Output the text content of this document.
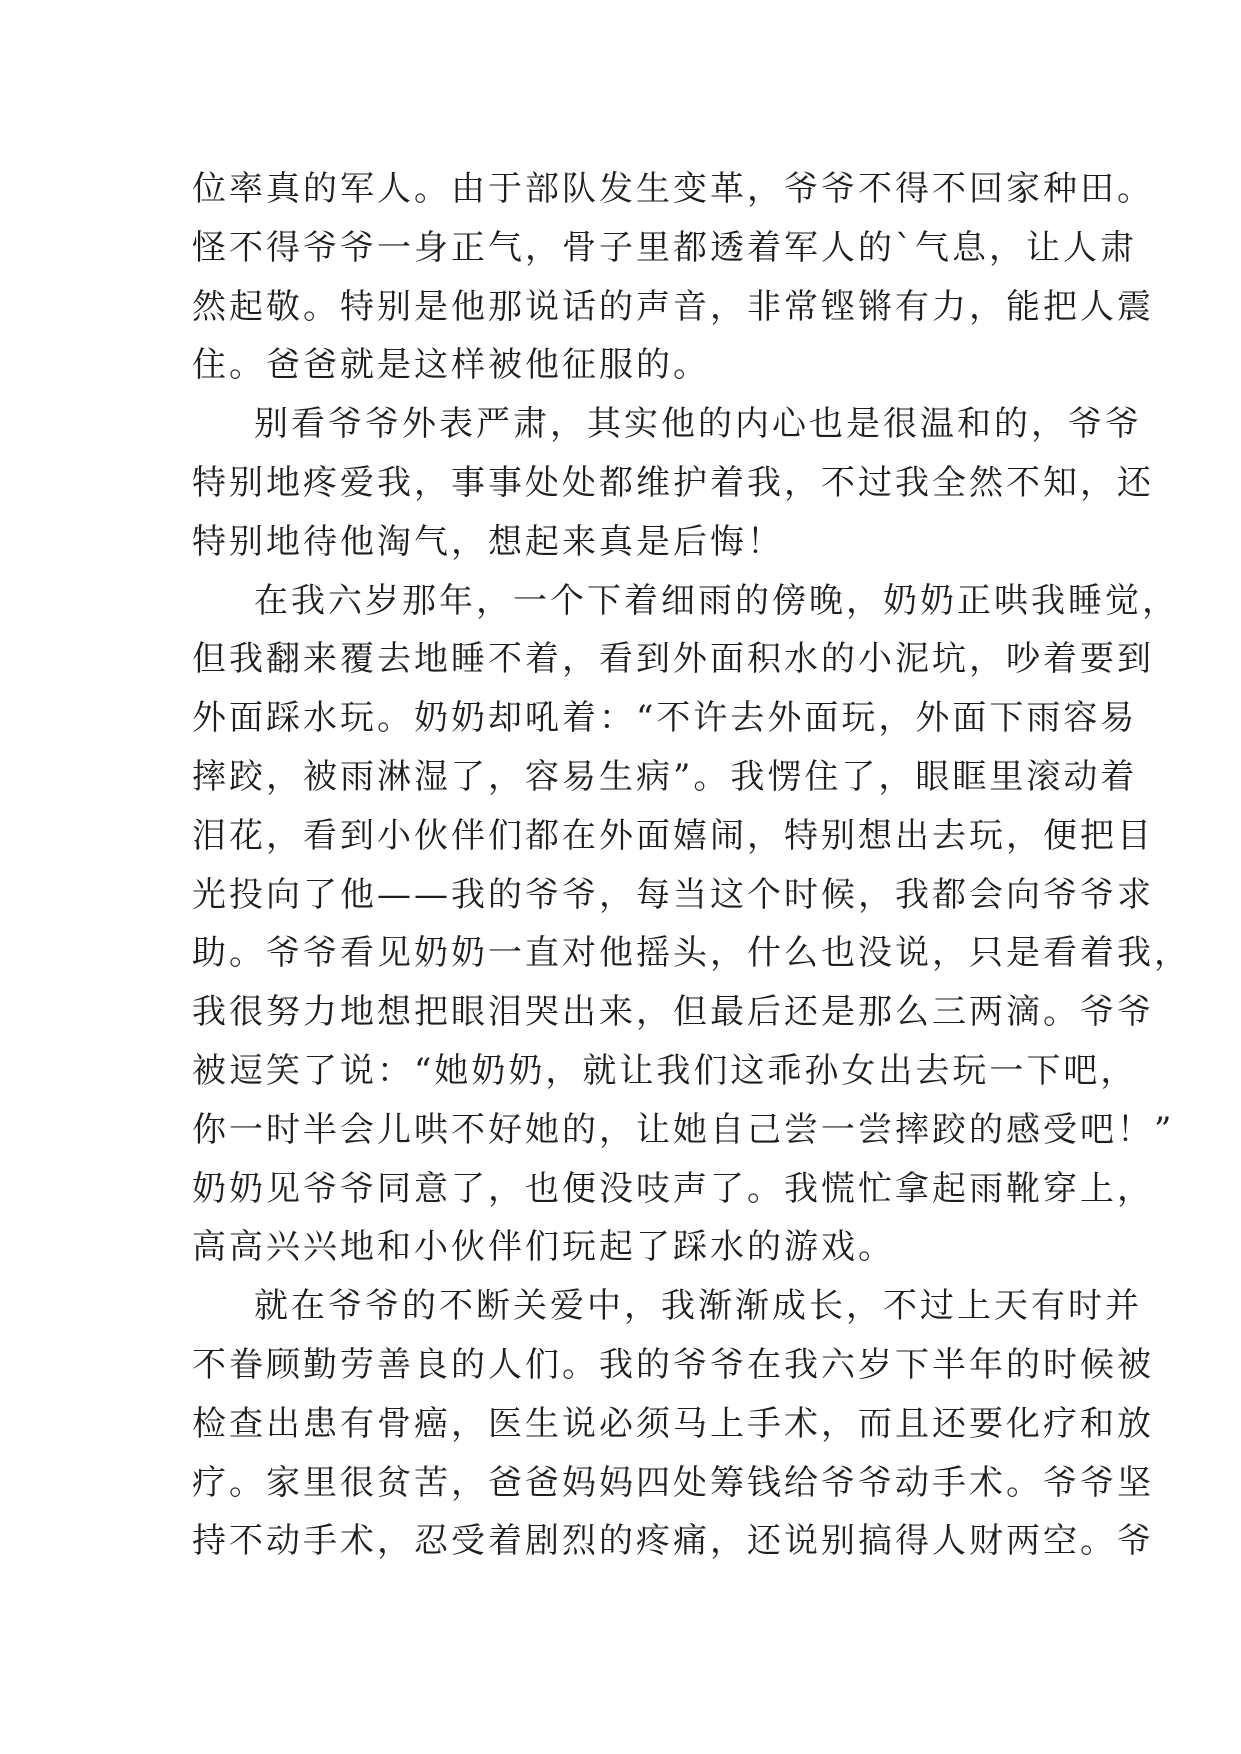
位率真的军人。由于部队发生变革，爷爷不得不回家种田。
怪不得爷爷一身正气，骨子里都透着军人的`气息，让人肃
然起敬。特别是他那说话的声音，非常铿锵有力，能把人震
住。爸爸就是这样被他征服的。
别看爷爷外表严肃，其实他的内心也是很温和的，爷爷
特别地疼爱我，事事处处都维护着我，不过我全然不知，还
特别地待他淘气，想起来真是后悔！
在我六岁那年，一个下着细雨的傍晚，奶奶正哄我睡觉，
但我翻来覆去地睡不着，看到外面积水的小泥坑，吵着要到
外面踩水玩。奶奶却吼着：“不许去外面玩，外面下雨容易
摔跤，被雨淋湿了，容易生病”。我愣住了，眼眶里滚动着
泪花，看到小伙伴们都在外面嬉闹，特别想出去玩，便把目
光投向了他——我的爷爷，每当这个时候，我都会向爷爷求
助。爷爷看见奶奶一直对他摇头，什么也没说，只是看着我，
我很努力地想把眼泪哭出来，但最后还是那么三两滴。爷爷
被逗笑了说：“她奶奶，就让我们这乖孙女出去玩一下吧，
你一时半会儿哄不好她的，让她自己尝一尝摔跤的感受吧！”
奶奶见爷爷同意了，也便没吱声了。我慌忙拿起雨靴穿上，
高高兴兴地和小伙伴们玩起了踩水的游戏。
就在爷爷的不断关爱中，我渐渐成长，不过上天有时并
不眷顾勤劳善良的人们。我的爷爷在我六岁下半年的时候被
检查出患有骨癌，医生说必须马上手术，而且还要化疗和放
疗。家里很贫苦，爸爸妈妈四处筹钱给爷爷动手术。爷爷坚
持不动手术，忍受着剧烈的疼痛，还说别搞得人财两空。爷
